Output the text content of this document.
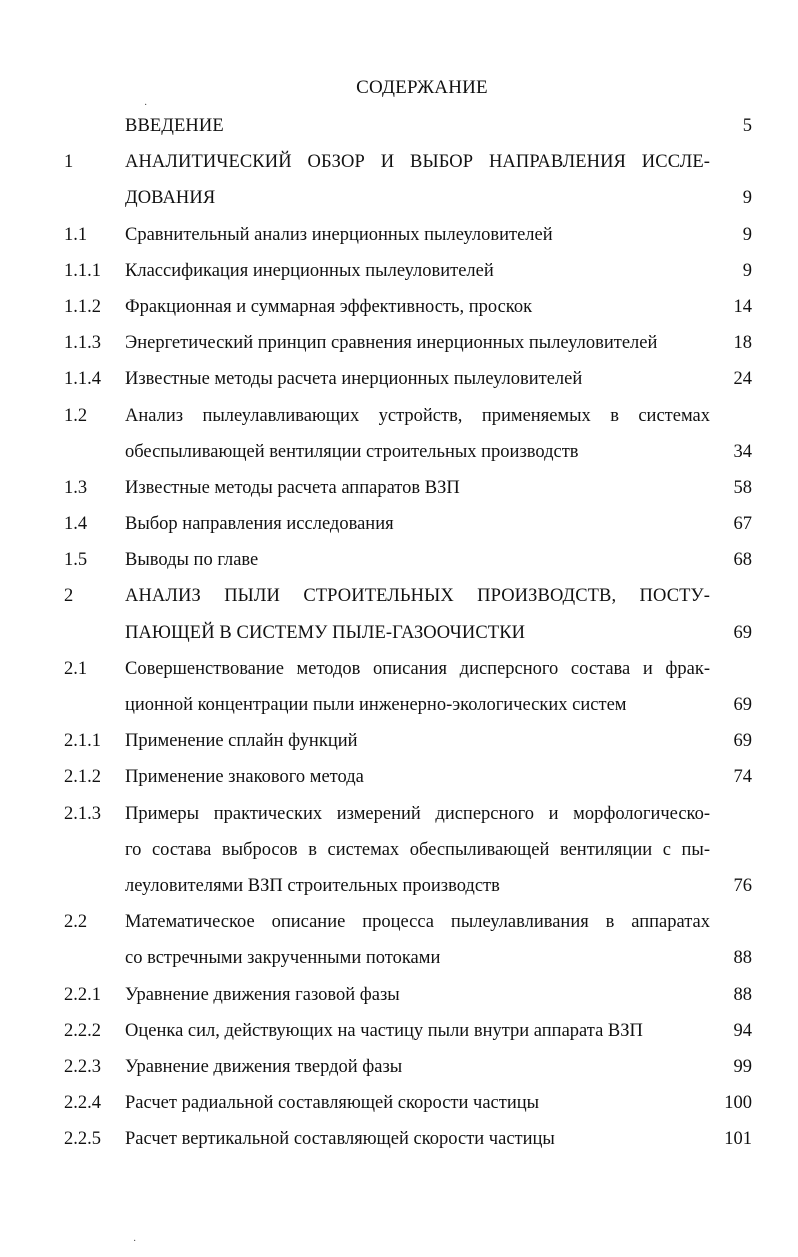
СОДЕРЖАНИЕ
ВВЕДЕНИЕ	5
1	АНАЛИТИЧЕСКИЙ ОБЗОР И ВЫБОР НАПРАВЛЕНИЯ ИССЛЕ-
ДОВАНИЯ	9
1.1 Сравнительный анализ инерционных пылеуловителей	9
1.1.1 Классификация инерционных пылеуловителей	9
1.1.2 Фракционная и суммарная эффективность, проскок	14
1.1.3 Энергетический принцип сравнения инерционных пылеуловителей	18
1.1.4 Известные методы расчета инерционных пылеуловителей	24
1.2 Анализ пылеулавливающих устройств, применяемых в системах
обеспыливающей вентиляции строительных производств	34
1.3 Известные методы расчета аппаратов ВЗП	58
1.4 Выбор направления исследования	67
1.5 Выводы по главе	68
2	АНАЛИЗ ПЫЛИ СТРОИТЕЛЬНЫХ ПРОИЗВОДСТВ, ПОСТУ-
ПАЮЩЕЙ В СИСТЕМУ ПЫЛЕ-ГАЗООЧИСТКИ	69
2.1 Совершенствование методов описания дисперсного состава и фрак-
ционной концентрации пыли инженерно-экологических систем	69
2.1.1 Применение сплайн функций	69
2.1.2 Применение знакового метода	74
2.1.3 Примеры практических измерений дисперсного и морфологическо-
го состава выбросов в системах обеспыливающей вентиляции с пы-
леуловителями ВЗП строительных производств	76
2.2 Математическое описание процесса пылеулавливания в аппаратах
со встречными закрученными потоками	88
2.2.1 Уравнение движения газовой фазы	88
2.2.2 Оценка сил, действующих на частицу пыли внутри аппарата ВЗП	94
2.2.3 Уравнение движения твердой фазы	99
2.2.4 Расчет радиальной составляющей скорости частицы	100
2.2.5 Расчет вертикальной составляющей скорости частицы	101
·
·
